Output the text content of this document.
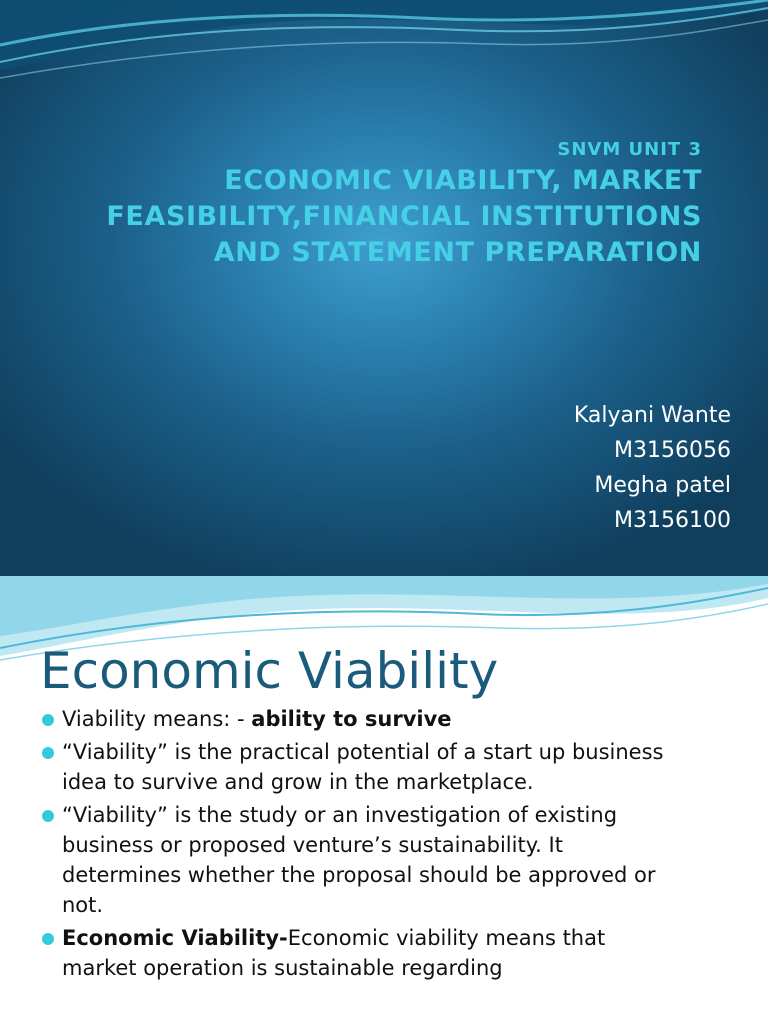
SNVM UNIT 3
ECONOMIC VIABILITY, MARKET FEASIBILITY,FINANCIAL INSTITUTIONS AND STATEMENT PREPARATION
Kalyani Wante
M3156056
Megha patel
M3156100
Economic Viability
Viability means: - ability to survive
“Viability” is the practical potential of a start up business idea to survive and grow in the marketplace.
“Viability” is the study or an investigation of existing business or proposed venture’s sustainability. It determines whether the proposal should be approved or not.
Economic Viability-Economic viability means that market operation is sustainable regarding
